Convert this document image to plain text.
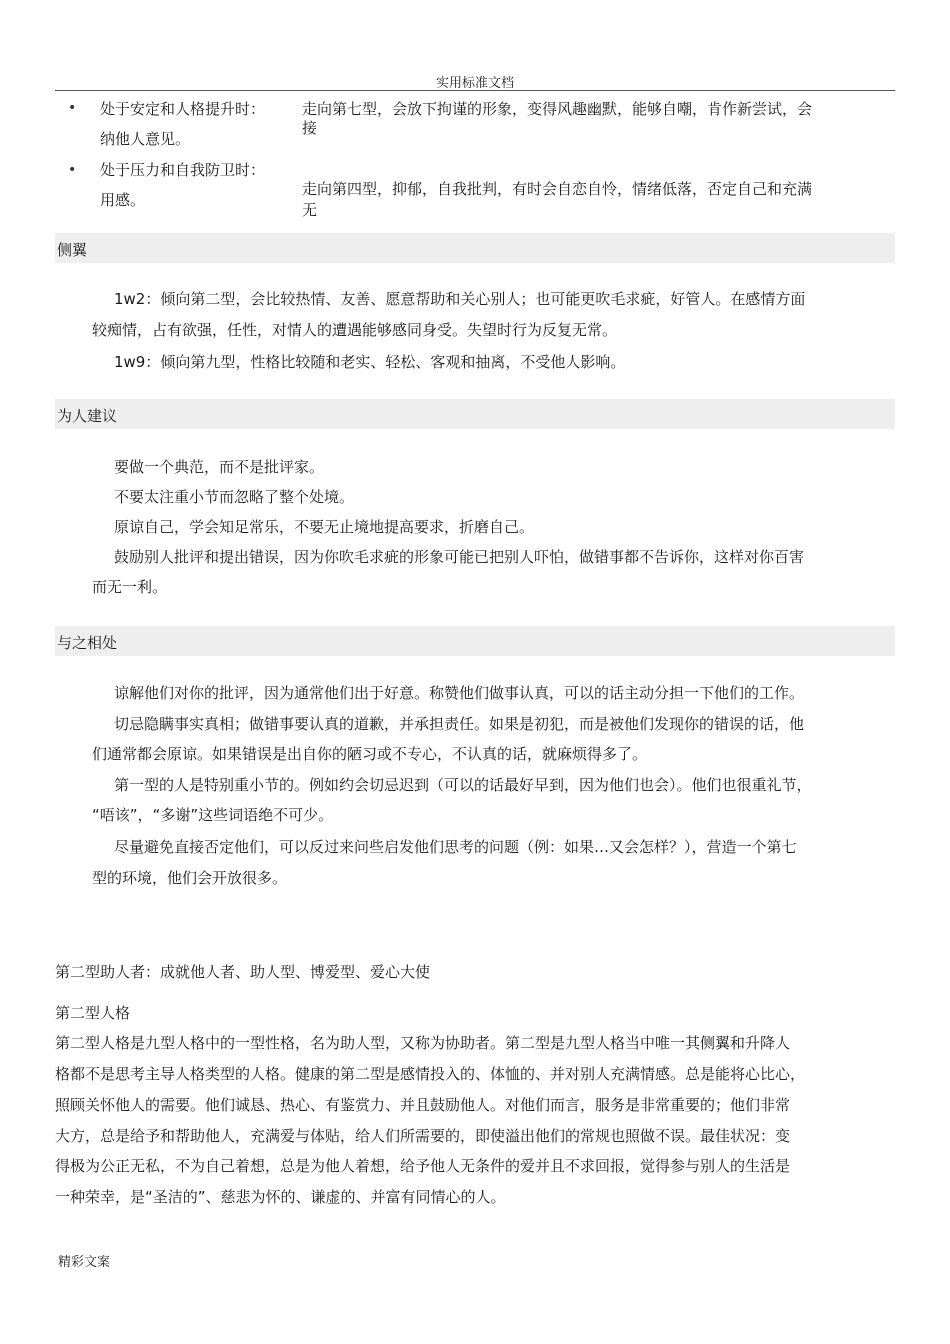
实用标准文档
• 处于安定和人格提升时： 走向第七型，会放下拘谨的形象，变得风趣幽默，能够自嘲，肯作新尝试，会
接
纳他人意见。
• 处于压力和自我防卫时：
走向第四型，抑郁，自我批判，有时会自恋自怜，情绪低落，否定自己和充满
无
用感。
侧翼
1w2：倾向第二型，会比较热情、友善、愿意帮助和关心别人；也可能更吹毛求疵，好管人。在感情方面
较痴情，占有欲强，任性，对情人的遭遇能够感同身受。失望时行为反复无常。
1w9：倾向第九型，性格比较随和老实、轻松、客观和抽离，不受他人影响。
为人建议
要做一个典范，而不是批评家。
不要太注重小节而忽略了整个处境。
原谅自己，学会知足常乐，不要无止境地提高要求，折磨自己。
鼓励别人批评和提出错误，因为你吹毛求疵的形象可能已把别人吓怕，做错事都不告诉你，这样对你百害
而无一利。
与之相处
谅解他们对你的批评，因为通常他们出于好意。称赞他们做事认真，可以的话主动分担一下他们的工作。
切忌隐瞒事实真相；做错事要认真的道歉，并承担责任。如果是初犯，而是被他们发现你的错误的话，他
们通常都会原谅。如果错误是出自你的陋习或不专心，不认真的话，就麻烦得多了。
第一型的人是特别重小节的。例如约会切忌迟到（可以的话最好早到，因为他们也会）。他们也很重礼节，
“唔该”，“多谢”这些词语绝不可少。
尽量避免直接否定他们，可以反过来问些启发他们思考的问题（例：如果…又会怎样？），营造一个第七
型的环境，他们会开放很多。
第二型助人者：成就他人者、助人型、博爱型、爱心大使
第二型人格
第二型人格是九型人格中的一型性格，名为助人型，又称为协助者。第二型是九型人格当中唯一其侧翼和升降人
格都不是思考主导人格类型的人格。健康的第二型是感情投入的、体恤的、并对别人充满情感。总是能将心比心，
照顾关怀他人的需要。他们诚恳、热心、有鉴赏力、并且鼓励他人。对他们而言，服务是非常重要的；他们非常
大方，总是给予和帮助他人，充满爱与体贴，给人们所需要的，即使溢出他们的常规也照做不误。最佳状况：变
得极为公正无私，不为自己着想，总是为他人着想，给予他人无条件的爱并且不求回报，觉得参与别人的生活是
一种荣幸，是“圣洁的”、慈悲为怀的、谦虚的、并富有同情心的人。
精彩文案
